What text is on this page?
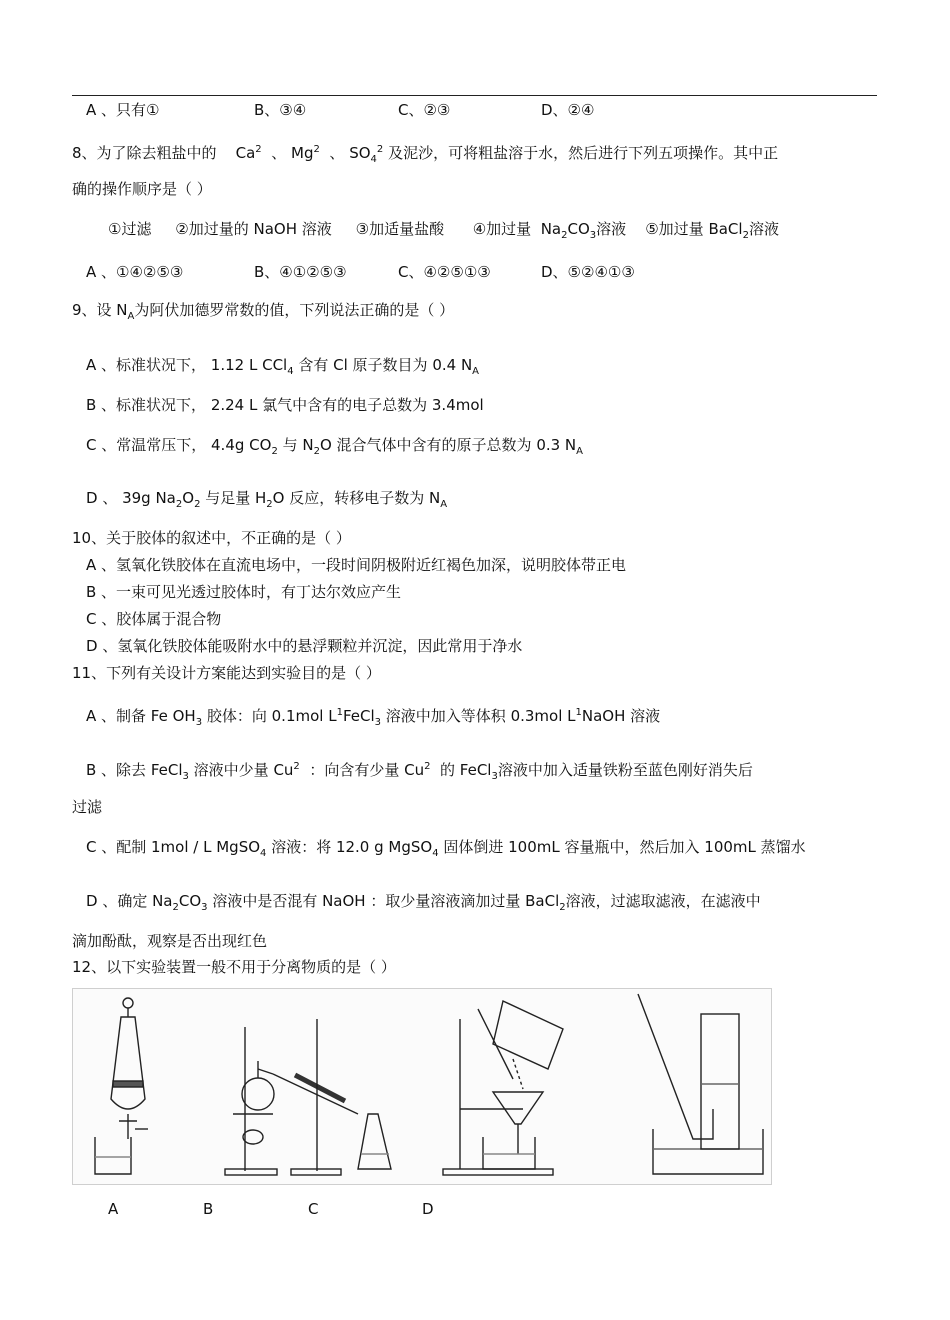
A 、只有①	B、③④	C、②③	D、②④
8、为了除去粗盐中的 Ca$^2$ 、 Mg$^2$ 、 $SO_4^2$ 及泥沙，可将粗盐溶于水，然后进行下列五项操作。其中正
确的操作顺序是（ ）
①过滤 ②加过量的 NaOH 溶液 ③加适量盐酸 ④加过量 $Na_2CO_3$溶液 ⑤加过量 BaCl$_2$溶液
A 、①④②⑤③	B、④①②⑤③	C、④②⑤①③	D、⑤②④①③
9、设 $N_A$为阿伏加德罗常数的值，下列说法正确的是（ ）
A 、标准状况下， 1.12 L CCl$_4$ 含有 Cl 原子数目为 0.4 $N_A$
B 、标准状况下， 2.24 L 氯气中含有的电子总数为 3.4mol
C 、常温常压下， 4.4g $CO_2$ 与 $N_2O$ 混合气体中含有的原子总数为 0.3 $N_A$
D 、 39g $Na_2O_2$ 与足量 $H_2O$ 反应，转移电子数为 $N_A$
10、关于胶体的叙述中，不正确的是（ ）
A 、氢氧化铁胶体在直流电场中，一段时间阴极附近红褐色加深，说明胶体带正电
B 、一束可见光透过胶体时，有丁达尔效应产生
C 、胶体属于混合物
D 、氢氧化铁胶体能吸附水中的悬浮颗粒并沉淀，因此常用于净水
11、下列有关设计方案能达到实验目的是（ ）
A 、制备 Fe $OH_3$ 胶体：向 0.1mol $L^1FeCl_3$ 溶液中加入等体积 0.3mol $L^1NaOH$ 溶液
B 、除去 FeCl$_3$ 溶液中少量 Cu$^2$ ：向含有少量 Cu$^2$ 的 FeCl$_3$溶液中加入适量铁粉至蓝色刚好消失后
过滤
C 、配制 1mol / L MgSO$_4$ 溶液：将 12.0 g MgSO$_4$ 固体倒进 100mL 容量瓶中，然后加入 100mL 蒸馏水
D 、确定 $Na_2CO_3$ 溶液中是否混有 NaOH ：取少量溶液滴加过量 BaCl$_2$溶液，过滤取滤液，在滤液中
滴加酚酞，观察是否出现红色
12、以下实验装置一般不用于分离物质的是（ ）
A	B	C	D
